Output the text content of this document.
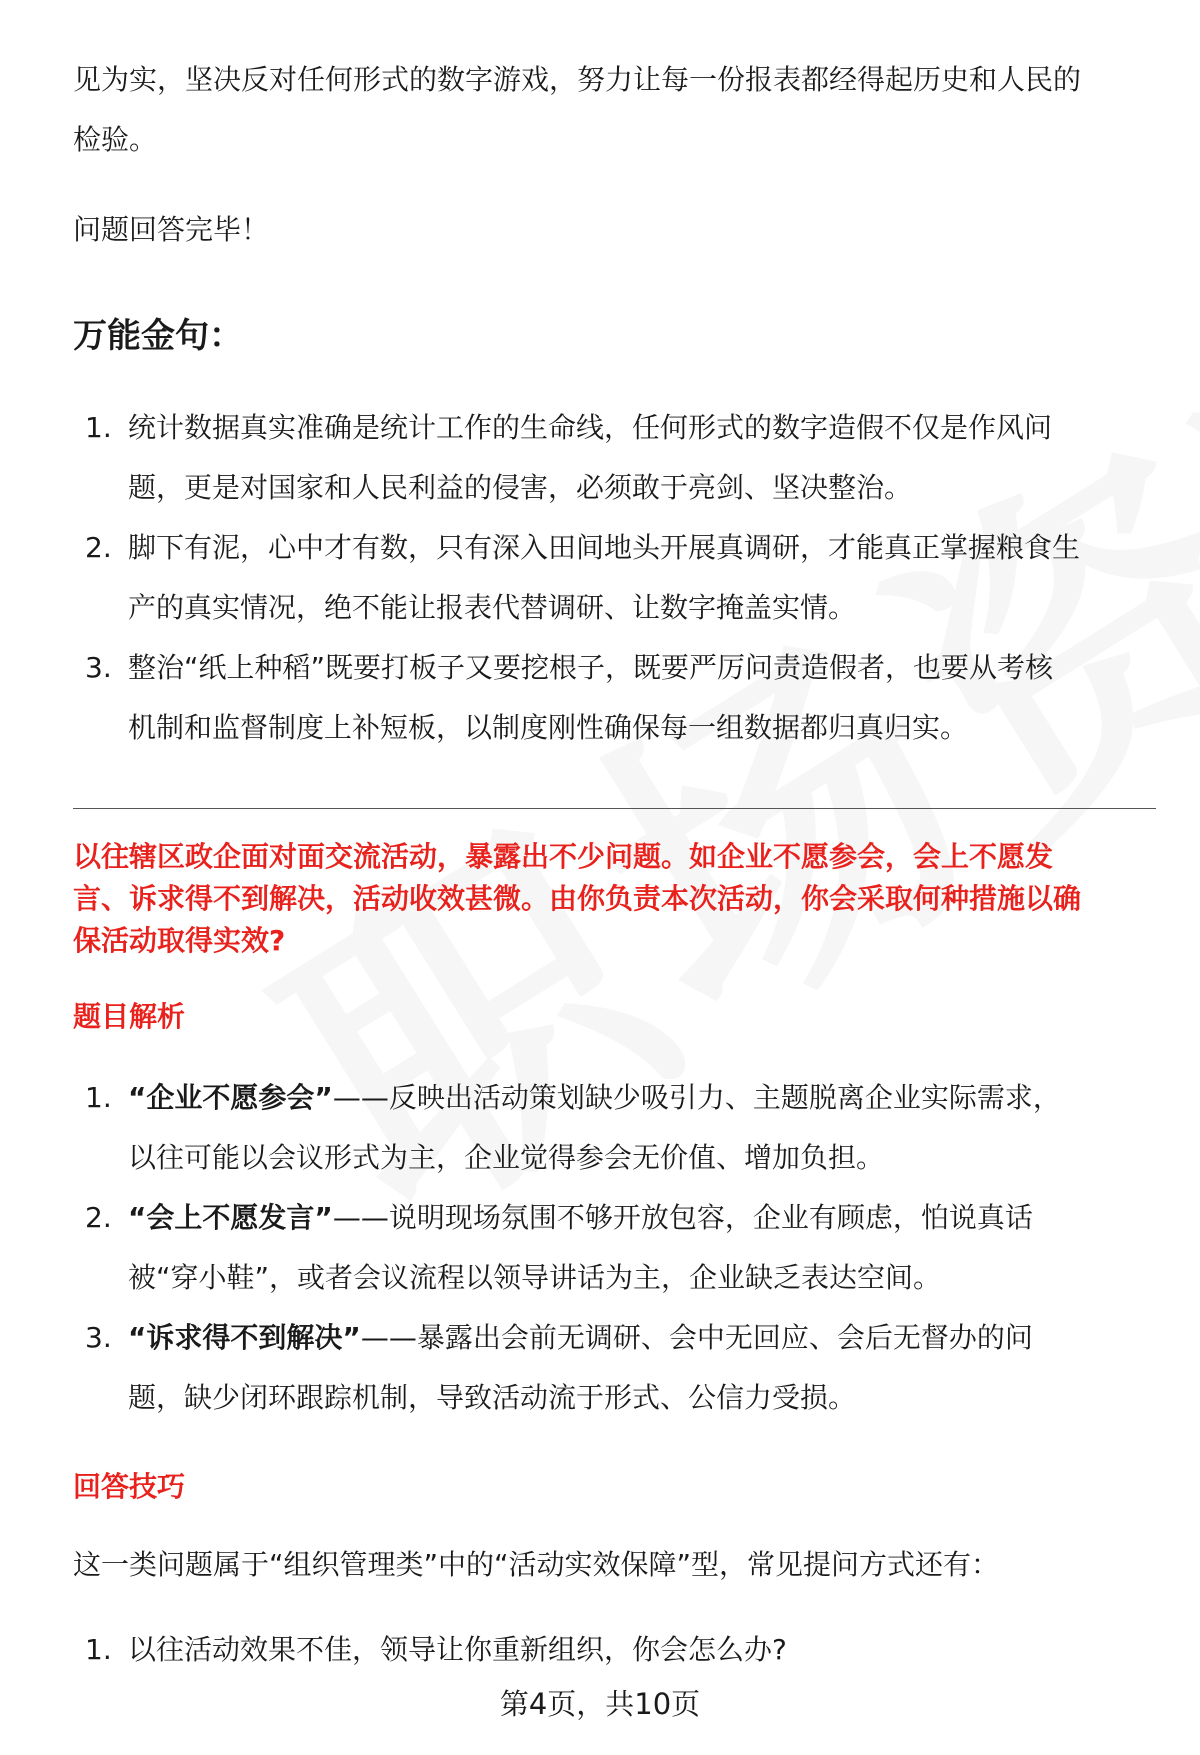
见为实，坚决反对任何形式的数字游戏，努力让每一份报表都经得起历史和人民的
检验。
问题回答完毕！
万能金句：
1. 统计数据真实准确是统计工作的生命线，任何形式的数字造假不仅是作风问
题，更是对国家和人民利益的侵害，必须敢于亮剑、坚决整治。
2. 脚下有泥，心中才有数，只有深入田间地头开展真调研，才能真正掌握粮食生
产的真实情况，绝不能让报表代替调研、让数字掩盖实情。
3. 整治“纸上种稻”既要打板子又要挖根子，既要严厉问责造假者，也要从考核
机制和监督制度上补短板，以制度刚性确保每一组数据都归真归实。
以往辖区政企面对面交流活动，暴露出不少问题。如企业不愿参会，会上不愿发
言、诉求得不到解决，活动收效甚微。由你负责本次活动，你会采取何种措施以确
保活动取得实效?
题目解析
1. “企业不愿参会”——反映出活动策划缺少吸引力、主题脱离企业实际需求，
以往可能以会议形式为主，企业觉得参会无价值、增加负担。
2. “会上不愿发言”——说明现场氛围不够开放包容，企业有顾虑，怕说真话
被“穿小鞋”，或者会议流程以领导讲话为主，企业缺乏表达空间。
3. “诉求得不到解决”——暴露出会前无调研、会中无回应、会后无督办的问
题，缺少闭环跟踪机制，导致活动流于形式、公信力受损。
回答技巧
这一类问题属于“组织管理类”中的“活动实效保障”型，常见提问方式还有：
1. 以往活动效果不佳，领导让你重新组织，你会怎么办?
第4页，共10页
